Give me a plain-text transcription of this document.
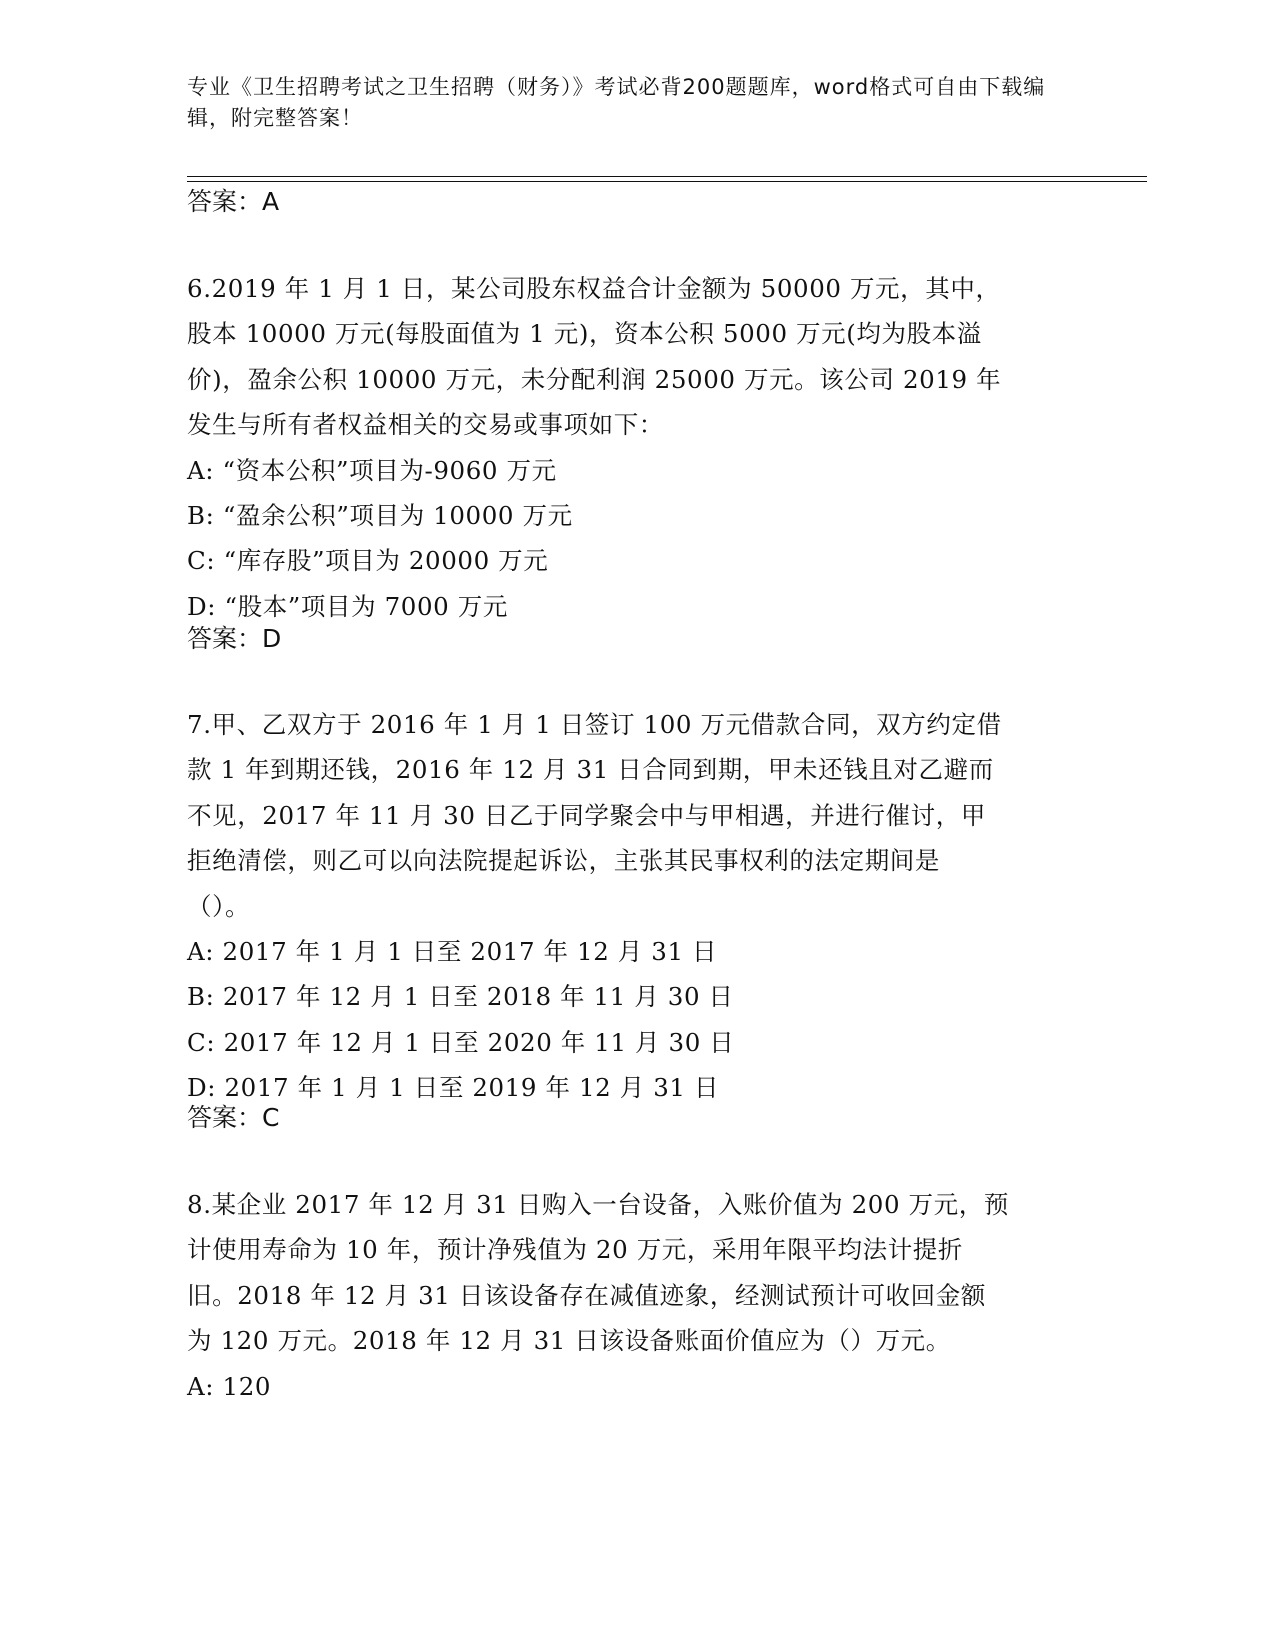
专业《卫生招聘考试之卫生招聘（财务）》考试必背200题题库，word格式可自由下载编辑，附完整答案！
答案：A
6.2019 年 1 月 1 日，某公司股东权益合计金额为 50000 万元，其中，
股本 10000 万元(每股面值为 1 元)，资本公积 5000 万元(均为股本溢
价)，盈余公积 10000 万元，未分配利润 25000 万元。该公司 2019 年
发生与所有者权益相关的交易或事项如下：
A: “资本公积”项目为-9060 万元
B: “盈余公积”项目为 10000 万元
C: “库存股”项目为 20000 万元
D: “股本”项目为 7000 万元
答案：D
7.甲、乙双方于 2016 年 1 月 1 日签订 100 万元借款合同，双方约定借
款 1 年到期还钱，2016 年 12 月 31 日合同到期，甲未还钱且对乙避而
不见，2017 年 11 月 30 日乙于同学聚会中与甲相遇，并进行催讨，甲
拒绝清偿，则乙可以向法院提起诉讼，主张其民事权利的法定期间是
（）。
A: 2017 年 1 月 1 日至 2017 年 12 月 31 日
B: 2017 年 12 月 1 日至 2018 年 11 月 30 日
C: 2017 年 12 月 1 日至 2020 年 11 月 30 日
D: 2017 年 1 月 1 日至 2019 年 12 月 31 日
答案：C
8.某企业 2017 年 12 月 31 日购入一台设备，入账价值为 200 万元，预
计使用寿命为 10 年，预计净残值为 20 万元，采用年限平均法计提折
旧。2018 年 12 月 31 日该设备存在减值迹象，经测试预计可收回金额
为 120 万元。2018 年 12 月 31 日该设备账面价值应为（）万元。
A: 120
